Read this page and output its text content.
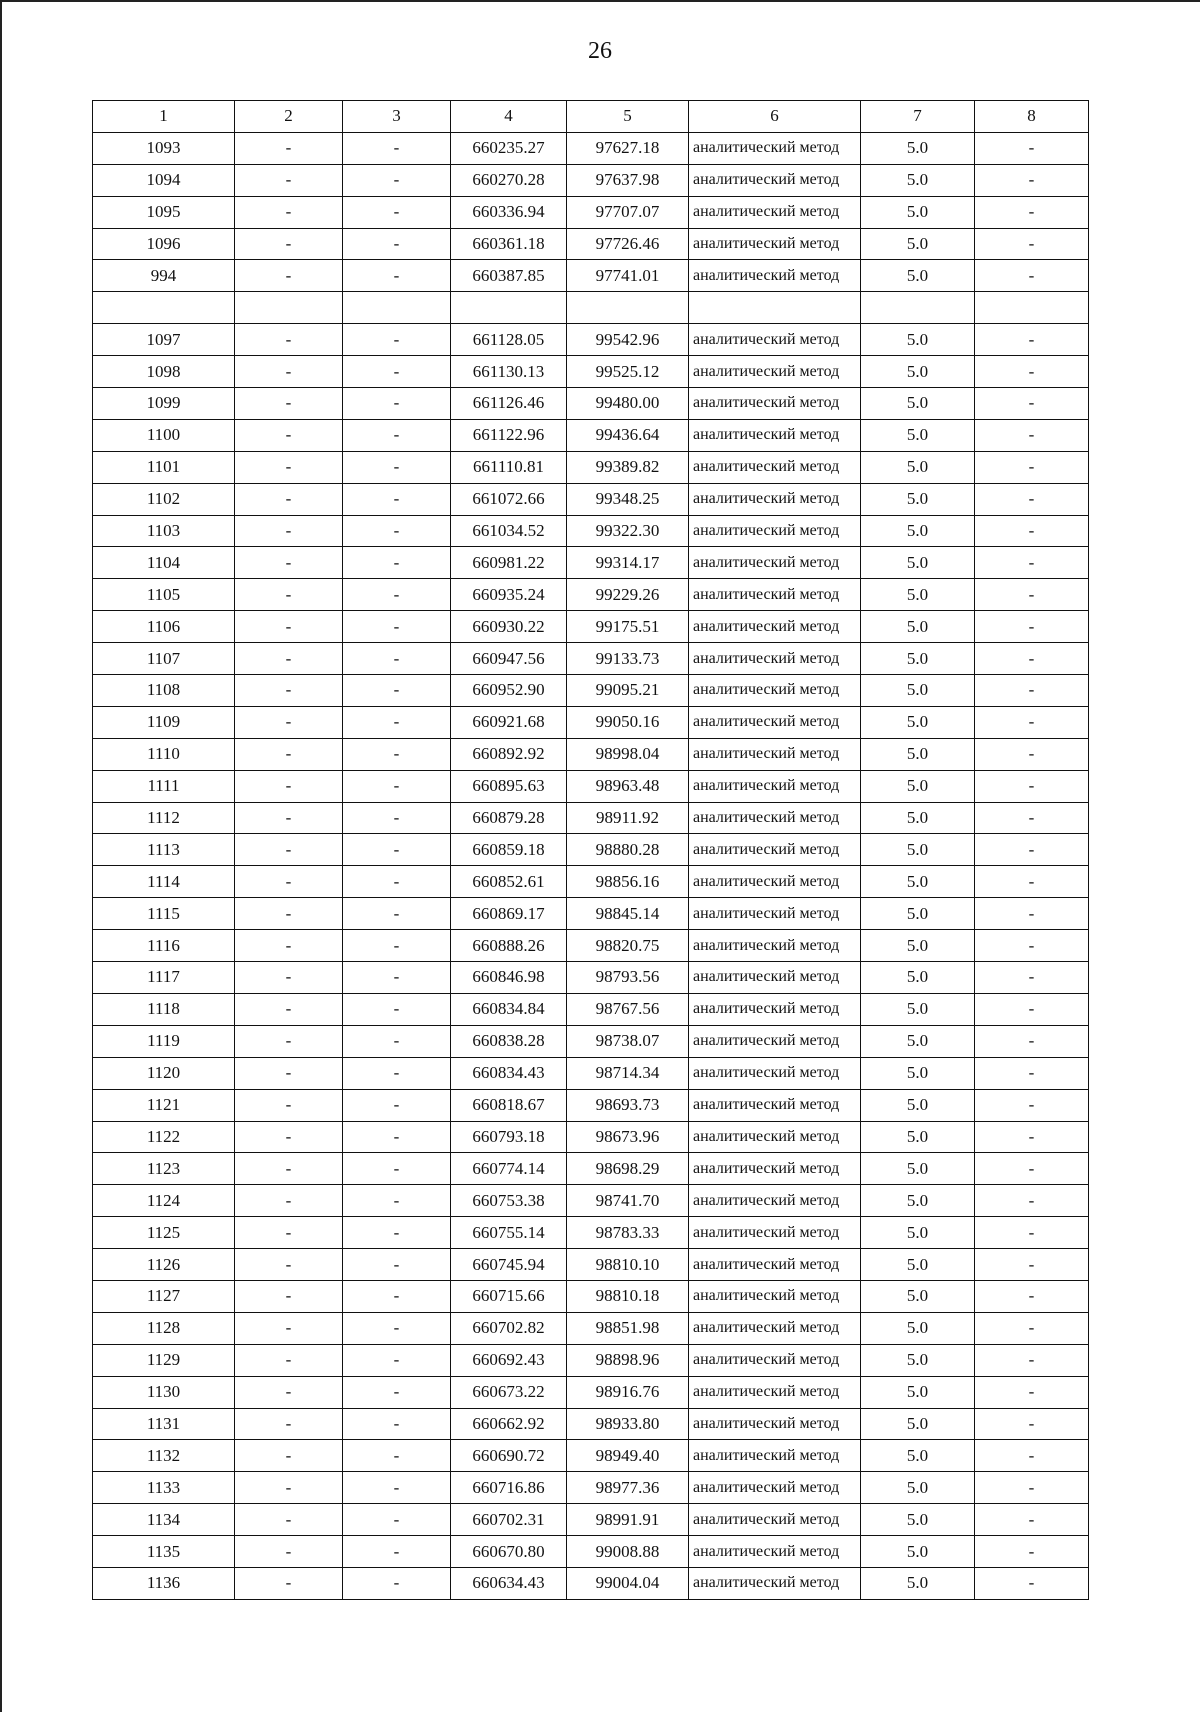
26
1	2	3	4	5	6	7	8
1093	-	-	660235.27	97627.18	аналитический метод	5.0	-
1094	-	-	660270.28	97637.98	аналитический метод	5.0	-
1095	-	-	660336.94	97707.07	аналитический метод	5.0	-
1096	-	-	660361.18	97726.46	аналитический метод	5.0	-
994	-	-	660387.85	97741.01	аналитический метод	5.0	-

1097	-	-	661128.05	99542.96	аналитический метод	5.0	-
1098	-	-	661130.13	99525.12	аналитический метод	5.0	-
1099	-	-	661126.46	99480.00	аналитический метод	5.0	-
1100	-	-	661122.96	99436.64	аналитический метод	5.0	-
1101	-	-	661110.81	99389.82	аналитический метод	5.0	-
1102	-	-	661072.66	99348.25	аналитический метод	5.0	-
1103	-	-	661034.52	99322.30	аналитический метод	5.0	-
1104	-	-	660981.22	99314.17	аналитический метод	5.0	-
1105	-	-	660935.24	99229.26	аналитический метод	5.0	-
1106	-	-	660930.22	99175.51	аналитический метод	5.0	-
1107	-	-	660947.56	99133.73	аналитический метод	5.0	-
1108	-	-	660952.90	99095.21	аналитический метод	5.0	-
1109	-	-	660921.68	99050.16	аналитический метод	5.0	-
1110	-	-	660892.92	98998.04	аналитический метод	5.0	-
1111	-	-	660895.63	98963.48	аналитический метод	5.0	-
1112	-	-	660879.28	98911.92	аналитический метод	5.0	-
1113	-	-	660859.18	98880.28	аналитический метод	5.0	-
1114	-	-	660852.61	98856.16	аналитический метод	5.0	-
1115	-	-	660869.17	98845.14	аналитический метод	5.0	-
1116	-	-	660888.26	98820.75	аналитический метод	5.0	-
1117	-	-	660846.98	98793.56	аналитический метод	5.0	-
1118	-	-	660834.84	98767.56	аналитический метод	5.0	-
1119	-	-	660838.28	98738.07	аналитический метод	5.0	-
1120	-	-	660834.43	98714.34	аналитический метод	5.0	-
1121	-	-	660818.67	98693.73	аналитический метод	5.0	-
1122	-	-	660793.18	98673.96	аналитический метод	5.0	-
1123	-	-	660774.14	98698.29	аналитический метод	5.0	-
1124	-	-	660753.38	98741.70	аналитический метод	5.0	-
1125	-	-	660755.14	98783.33	аналитический метод	5.0	-
1126	-	-	660745.94	98810.10	аналитический метод	5.0	-
1127	-	-	660715.66	98810.18	аналитический метод	5.0	-
1128	-	-	660702.82	98851.98	аналитический метод	5.0	-
1129	-	-	660692.43	98898.96	аналитический метод	5.0	-
1130	-	-	660673.22	98916.76	аналитический метод	5.0	-
1131	-	-	660662.92	98933.80	аналитический метод	5.0	-
1132	-	-	660690.72	98949.40	аналитический метод	5.0	-
1133	-	-	660716.86	98977.36	аналитический метод	5.0	-
1134	-	-	660702.31	98991.91	аналитический метод	5.0	-
1135	-	-	660670.80	99008.88	аналитический метод	5.0	-
1136	-	-	660634.43	99004.04	аналитический метод	5.0	-
